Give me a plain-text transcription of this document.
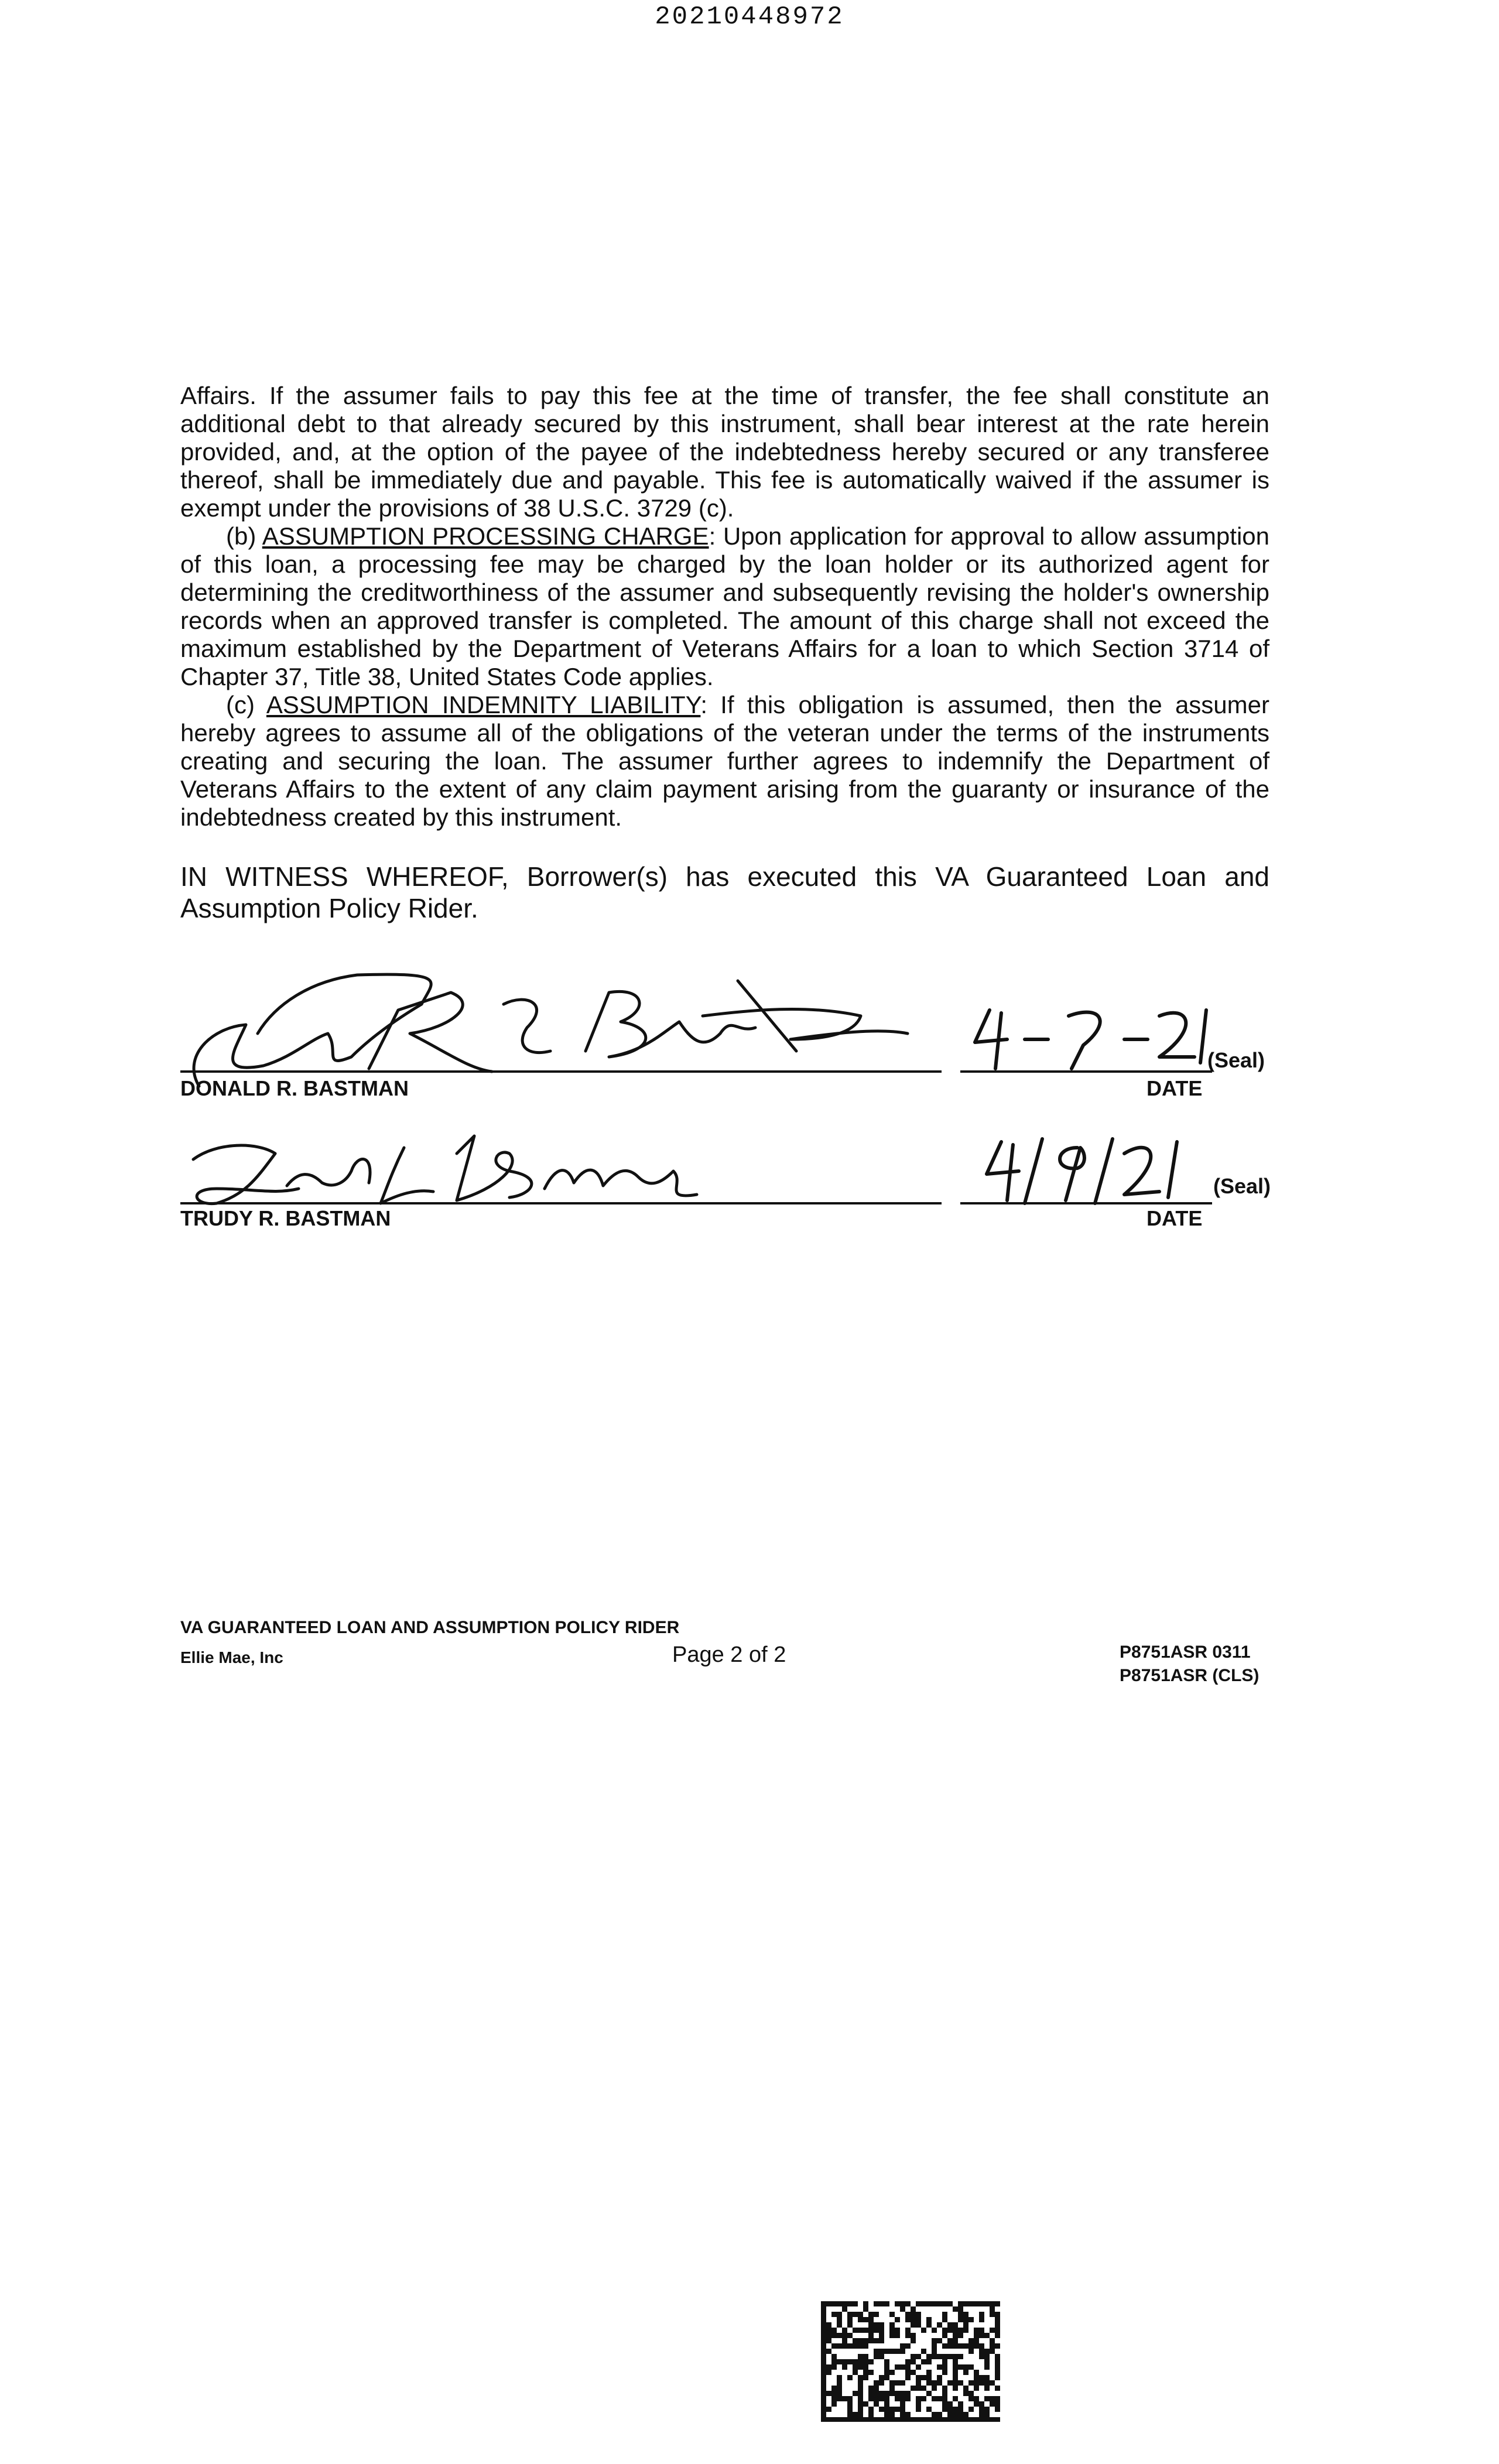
20210448972

Affairs. If the assumer fails to pay this fee at the time of transfer, the fee shall constitute an additional debt to that already secured by this instrument, shall bear interest at the rate herein provided, and, at the option of the payee of the indebtedness hereby secured or any transferee thereof, shall be immediately due and payable. This fee is automatically waived if the assumer is exempt under the provisions of 38 U.S.C. 3729 (c).

(b) ASSUMPTION PROCESSING CHARGE: Upon application for approval to allow assumption of this loan, a processing fee may be charged by the loan holder or its authorized agent for determining the creditworthiness of the assumer and subsequently revising the holder's ownership records when an approved transfer is completed. The amount of this charge shall not exceed the maximum established by the Department of Veterans Affairs for a loan to which Section 3714 of Chapter 37, Title 38, United States Code applies.

(c) ASSUMPTION INDEMNITY LIABILITY: If this obligation is assumed, then the assumer hereby agrees to assume all of the obligations of the veteran under the terms of the instruments creating and securing the loan. The assumer further agrees to indemnify the Department of Veterans Affairs to the extent of any claim payment arising from the guaranty or insurance of the indebtedness created by this instrument.

IN WITNESS WHEREOF, Borrower(s) has executed this VA Guaranteed Loan and Assumption Policy Rider.
(Seal)
DONALD R. BASTMAN	DATE
(Seal)
TRUDY R. BASTMAN	DATE
VA GUARANTEED LOAN AND ASSUMPTION POLICY RIDER
Ellie Mae, Inc	Page 2 of 2	P8751ASR 0311
P8751ASR (CLS)
